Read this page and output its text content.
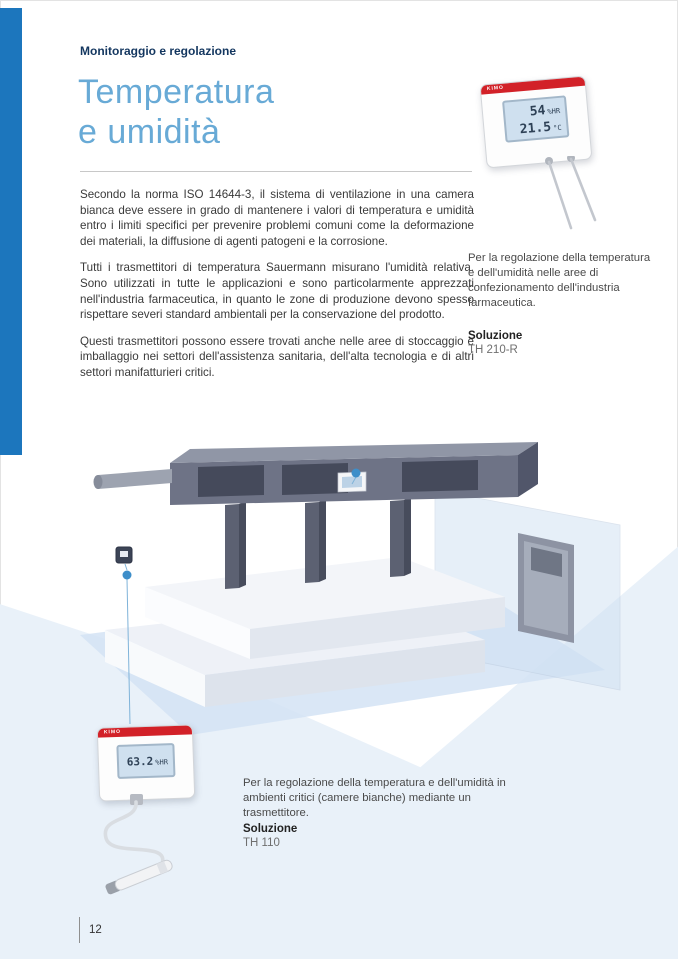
Monitoraggio e regolazione
Temperatura
e umidità

Secondo la norma ISO 14644-3, il sistema di ventilazione in una camera bianca deve essere in grado di mantenere i valori di temperatura e umidità entro i limiti specifici per prevenire problemi comuni come la deformazione dei materiali, la diffusione di agenti patogeni e la corrosione.

Tutti i trasmettitori di temperatura Sauermann misurano l'umidità relativa. Sono utilizzati in tutte le applicazioni e sono particolarmente apprezzati nell'industria farmaceutica, in quanto le zone di produzione devono spesso rispettare severi standard ambientali per la conservazione del prodotto.

Questi trasmettitori possono essere trovati anche nelle aree di stoccaggio e imballaggio nei settori dell'assistenza sanitaria, dell'alta tecnologia e di altri settori manifatturieri critici.

KIMO
54%HR
21.5°C
Per la regolazione della temperatura e dell'umidità nelle aree di confezionamento dell'industria farmaceutica.
Soluzione
TH 210-R
KIMO
63.2 %HR
Per la regolazione della temperatura e dell'umidità in ambienti critici (camere bianche) mediante un trasmettitore.
Soluzione
TH 110
12
